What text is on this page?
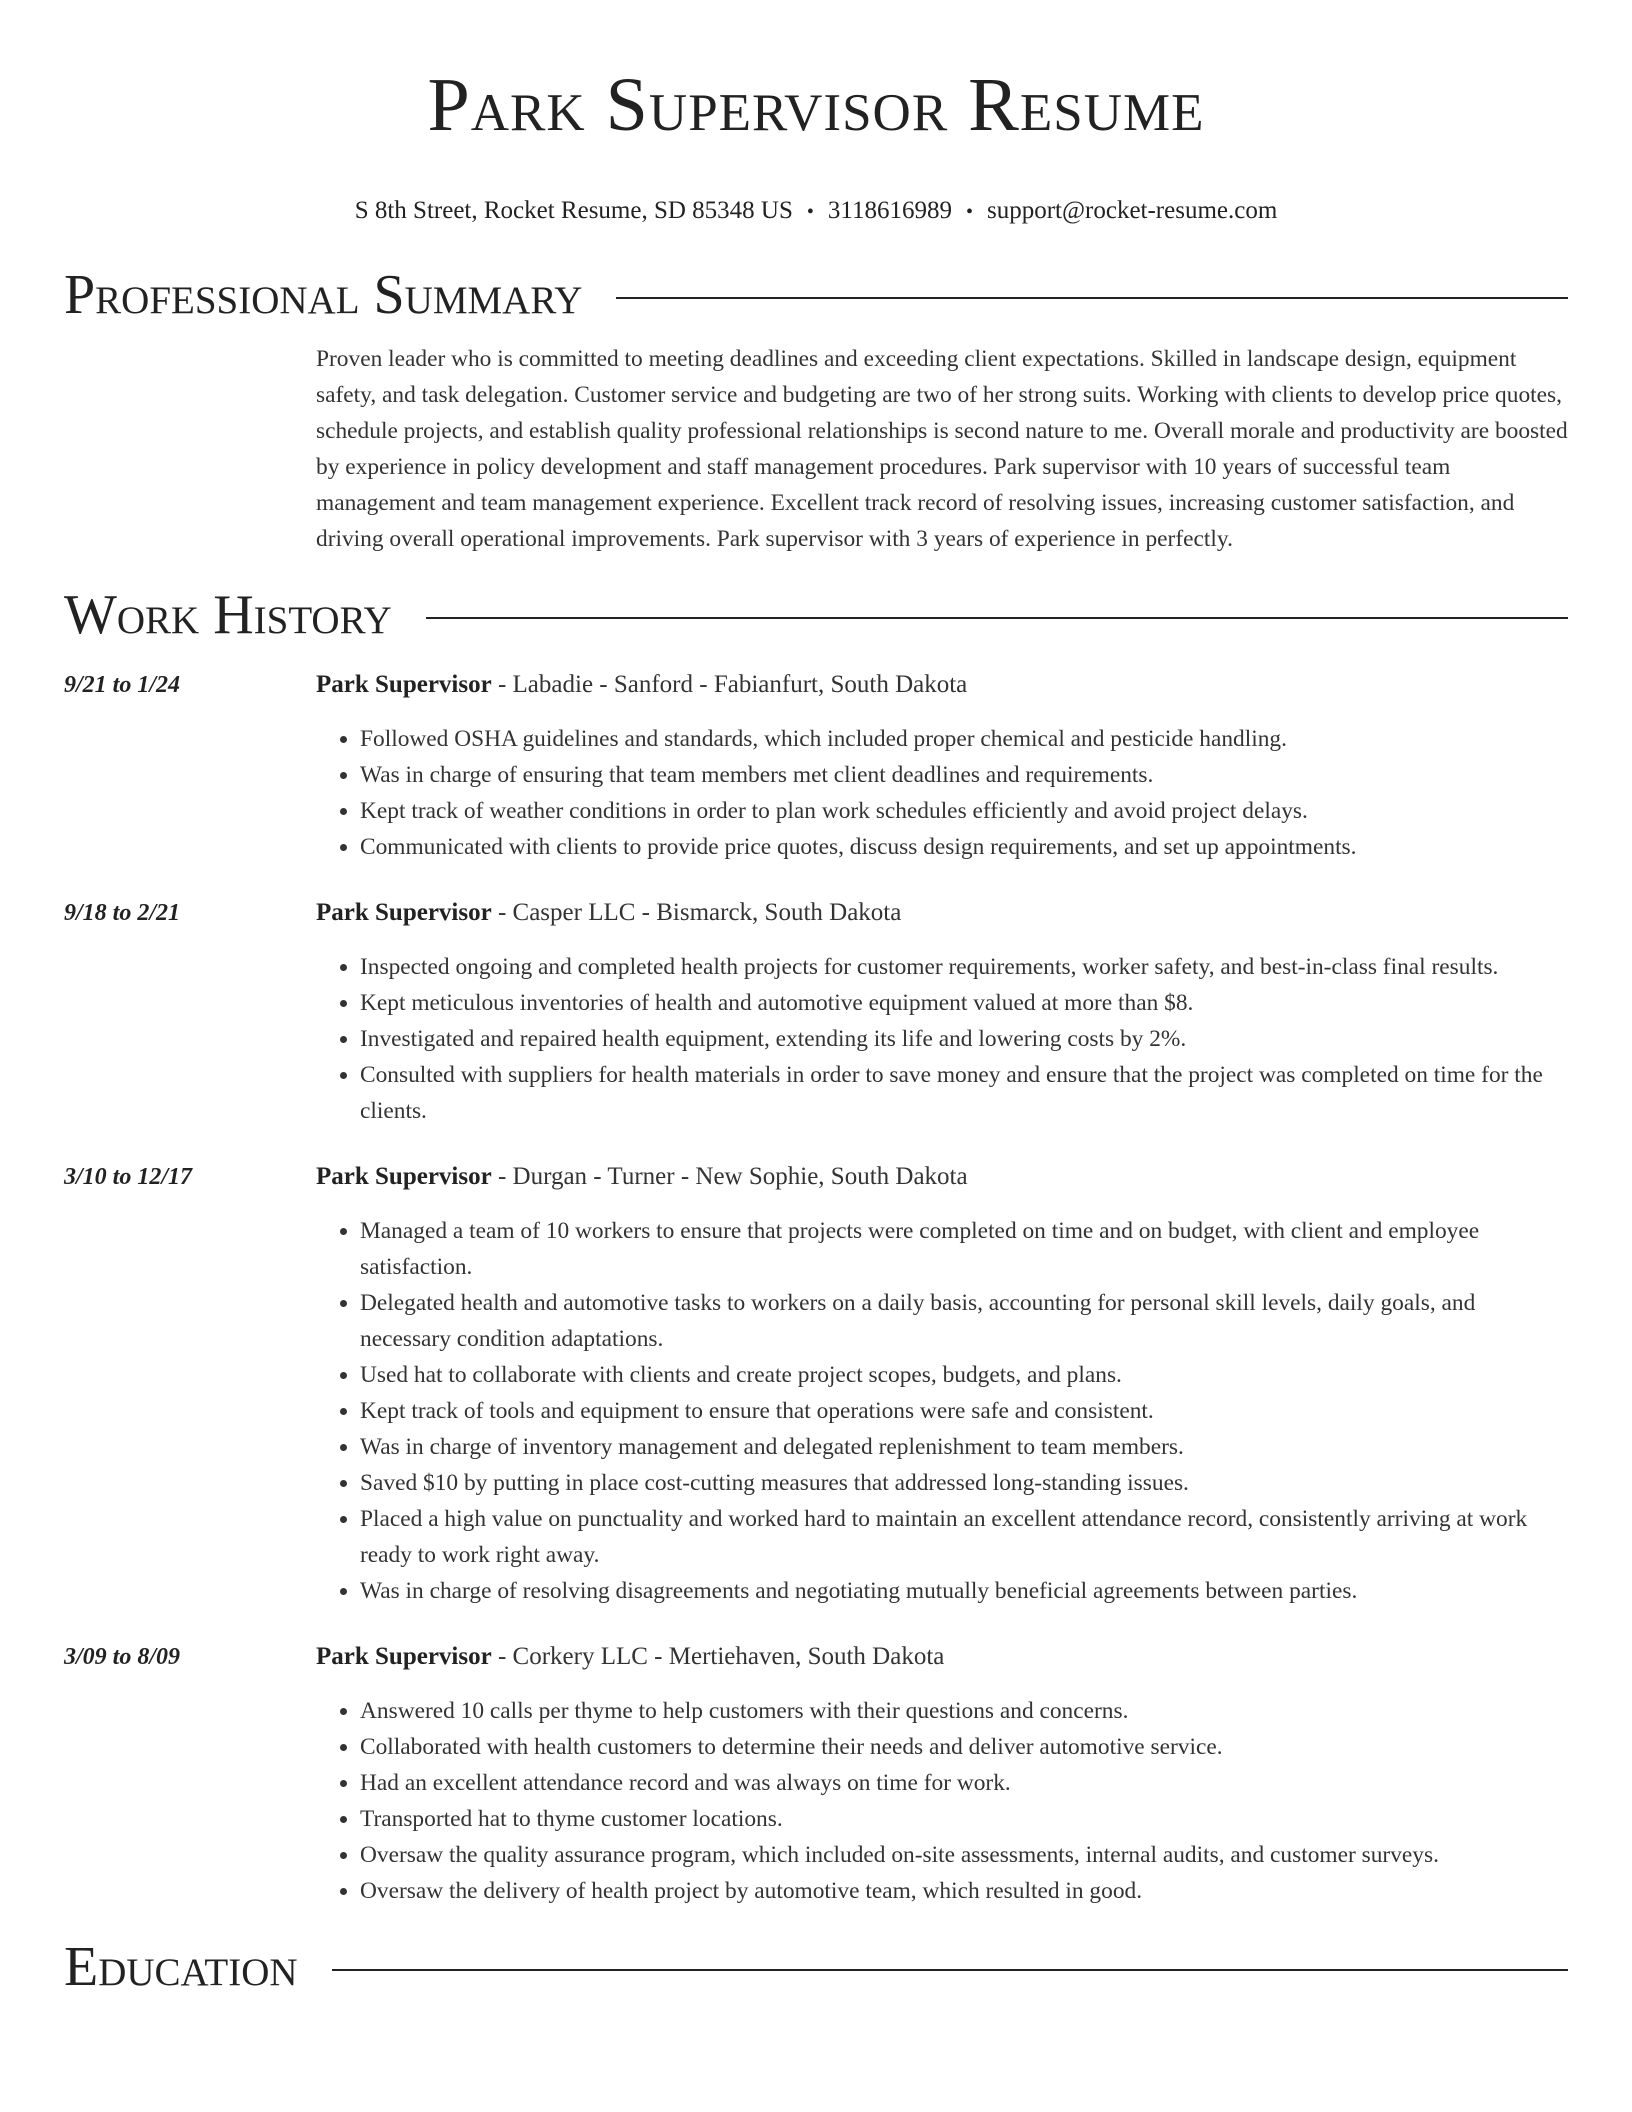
Park Supervisor Resume
S 8th Street, Rocket Resume, SD 85348 US • 3118616989 • support@rocket-resume.com
Professional Summary
Proven leader who is committed to meeting deadlines and exceeding client expectations. Skilled in landscape design, equipment safety, and task delegation. Customer service and budgeting are two of her strong suits. Working with clients to develop price quotes, schedule projects, and establish quality professional relationships is second nature to me. Overall morale and productivity are boosted by experience in policy development and staff management procedures. Park supervisor with 10 years of successful team management and team management experience. Excellent track record of resolving issues, increasing customer satisfaction, and driving overall operational improvements. Park supervisor with 3 years of experience in perfectly.
Work History
9/21 to 1/24	Park Supervisor - Labadie - Sanford - Fabianfurt, South Dakota
• Followed OSHA guidelines and standards, which included proper chemical and pesticide handling.
• Was in charge of ensuring that team members met client deadlines and requirements.
• Kept track of weather conditions in order to plan work schedules efficiently and avoid project delays.
• Communicated with clients to provide price quotes, discuss design requirements, and set up appointments.
9/18 to 2/21	Park Supervisor - Casper LLC - Bismarck, South Dakota
• Inspected ongoing and completed health projects for customer requirements, worker safety, and best-in-class final results.
• Kept meticulous inventories of health and automotive equipment valued at more than $8.
• Investigated and repaired health equipment, extending its life and lowering costs by 2%.
• Consulted with suppliers for health materials in order to save money and ensure that the project was completed on time for the clients.
3/10 to 12/17	Park Supervisor - Durgan - Turner - New Sophie, South Dakota
• Managed a team of 10 workers to ensure that projects were completed on time and on budget, with client and employee satisfaction.
• Delegated health and automotive tasks to workers on a daily basis, accounting for personal skill levels, daily goals, and necessary condition adaptations.
• Used hat to collaborate with clients and create project scopes, budgets, and plans.
• Kept track of tools and equipment to ensure that operations were safe and consistent.
• Was in charge of inventory management and delegated replenishment to team members.
• Saved $10 by putting in place cost-cutting measures that addressed long-standing issues.
• Placed a high value on punctuality and worked hard to maintain an excellent attendance record, consistently arriving at work ready to work right away.
• Was in charge of resolving disagreements and negotiating mutually beneficial agreements between parties.
3/09 to 8/09	Park Supervisor - Corkery LLC - Mertiehaven, South Dakota
• Answered 10 calls per thyme to help customers with their questions and concerns.
• Collaborated with health customers to determine their needs and deliver automotive service.
• Had an excellent attendance record and was always on time for work.
• Transported hat to thyme customer locations.
• Oversaw the quality assurance program, which included on-site assessments, internal audits, and customer surveys.
• Oversaw the delivery of health project by automotive team, which resulted in good.
Education
